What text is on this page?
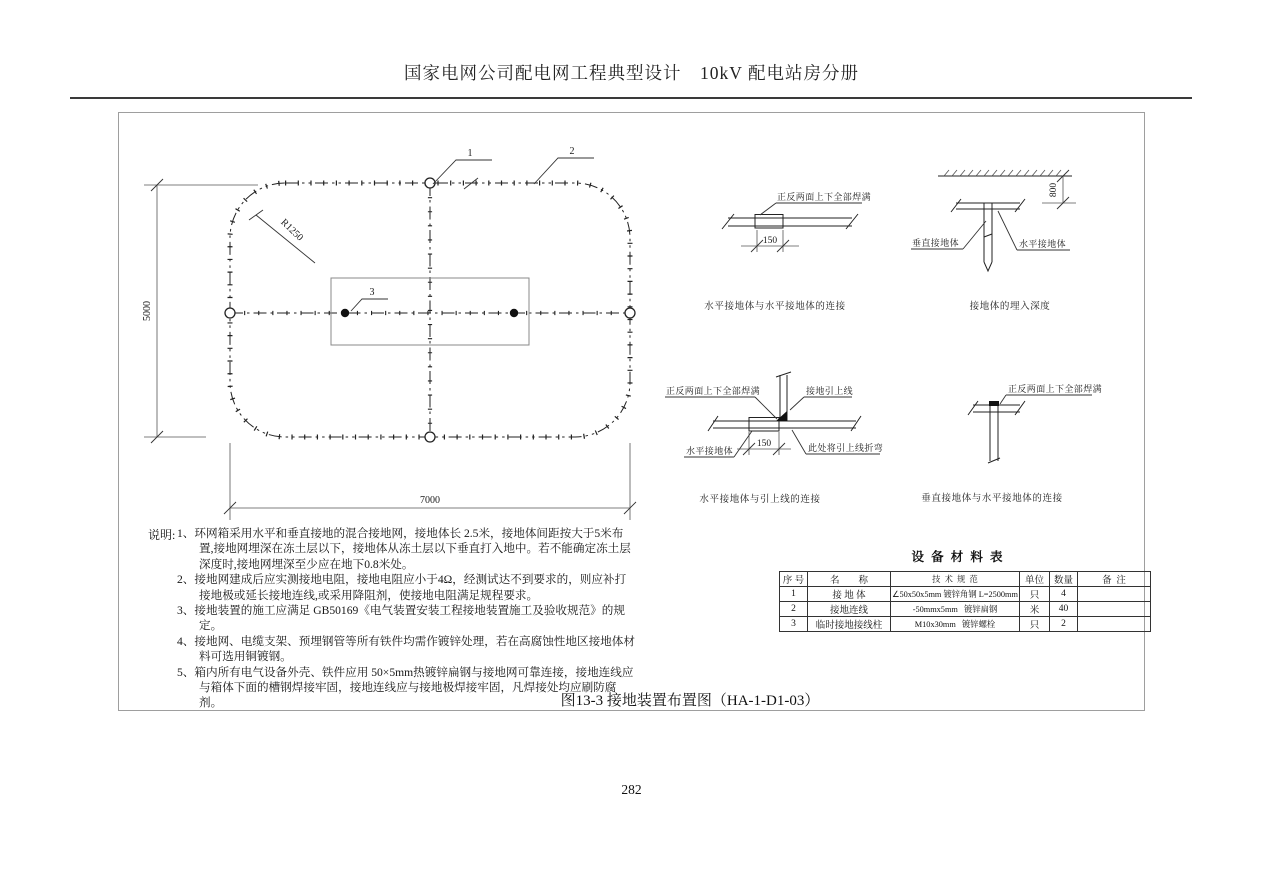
国家电网公司配电网工程典型设计　10kV 配电站房分册
1	2
3
R1250
5000
7000
正反两面上下全部焊满
150
水平接地体与水平接地体的连接
800
垂直接地体	水平接地体
接地体的埋入深度
正反两面上下全部焊满	接地引上线
150
水平接地体	此处将引上线折弯
水平接地体与引上线的连接
正反两面上下全部焊满
垂直接地体与水平接地体的连接
设 备 材 料 表
序 号	名        称	技  术  规  范	单位	数量	备  注
1	接 地 体	∠50x50x5mm 镀锌角钢 L=2500mm	只	4	
2	接地连线	-50mmx5mm   镀锌扁钢	米	40	
3	临时接地接线柱	M10x30mm   镀锌螺栓	只	2	
说明: 1、环网箱采用水平和垂直接地的混合接地网，接地体长 2.5米，接地体间距按大于5米布置,接地网埋深在冻土层以下，接地体从冻土层以下垂直打入地中。若不能确定冻土层深度时,接地网埋深至少应在地下0.8米处。
2、接地网建成后应实测接地电阻，接地电阻应小于4Ω，经测试达不到要求的，则应补打接地极或延长接地连线,或采用降阻剂，使接地电阻满足规程要求。
3、接地装置的施工应满足 GB50169《电气装置安装工程接地装置施工及验收规范》的规定。
4、接地网、电缆支架、预埋钢管等所有铁件均需作镀锌处理，若在高腐蚀性地区接地体材料可选用铜镀钢。
5、箱内所有电气设备外壳、铁件应用 50×5mm热镀锌扁钢与接地网可靠连接，接地连线应与箱体下面的槽钢焊接牢固，接地连线应与接地极焊接牢固，凡焊接处均应刷防腐剂。	图13-3 接地装置布置图（HA-1-D1-03）
282
